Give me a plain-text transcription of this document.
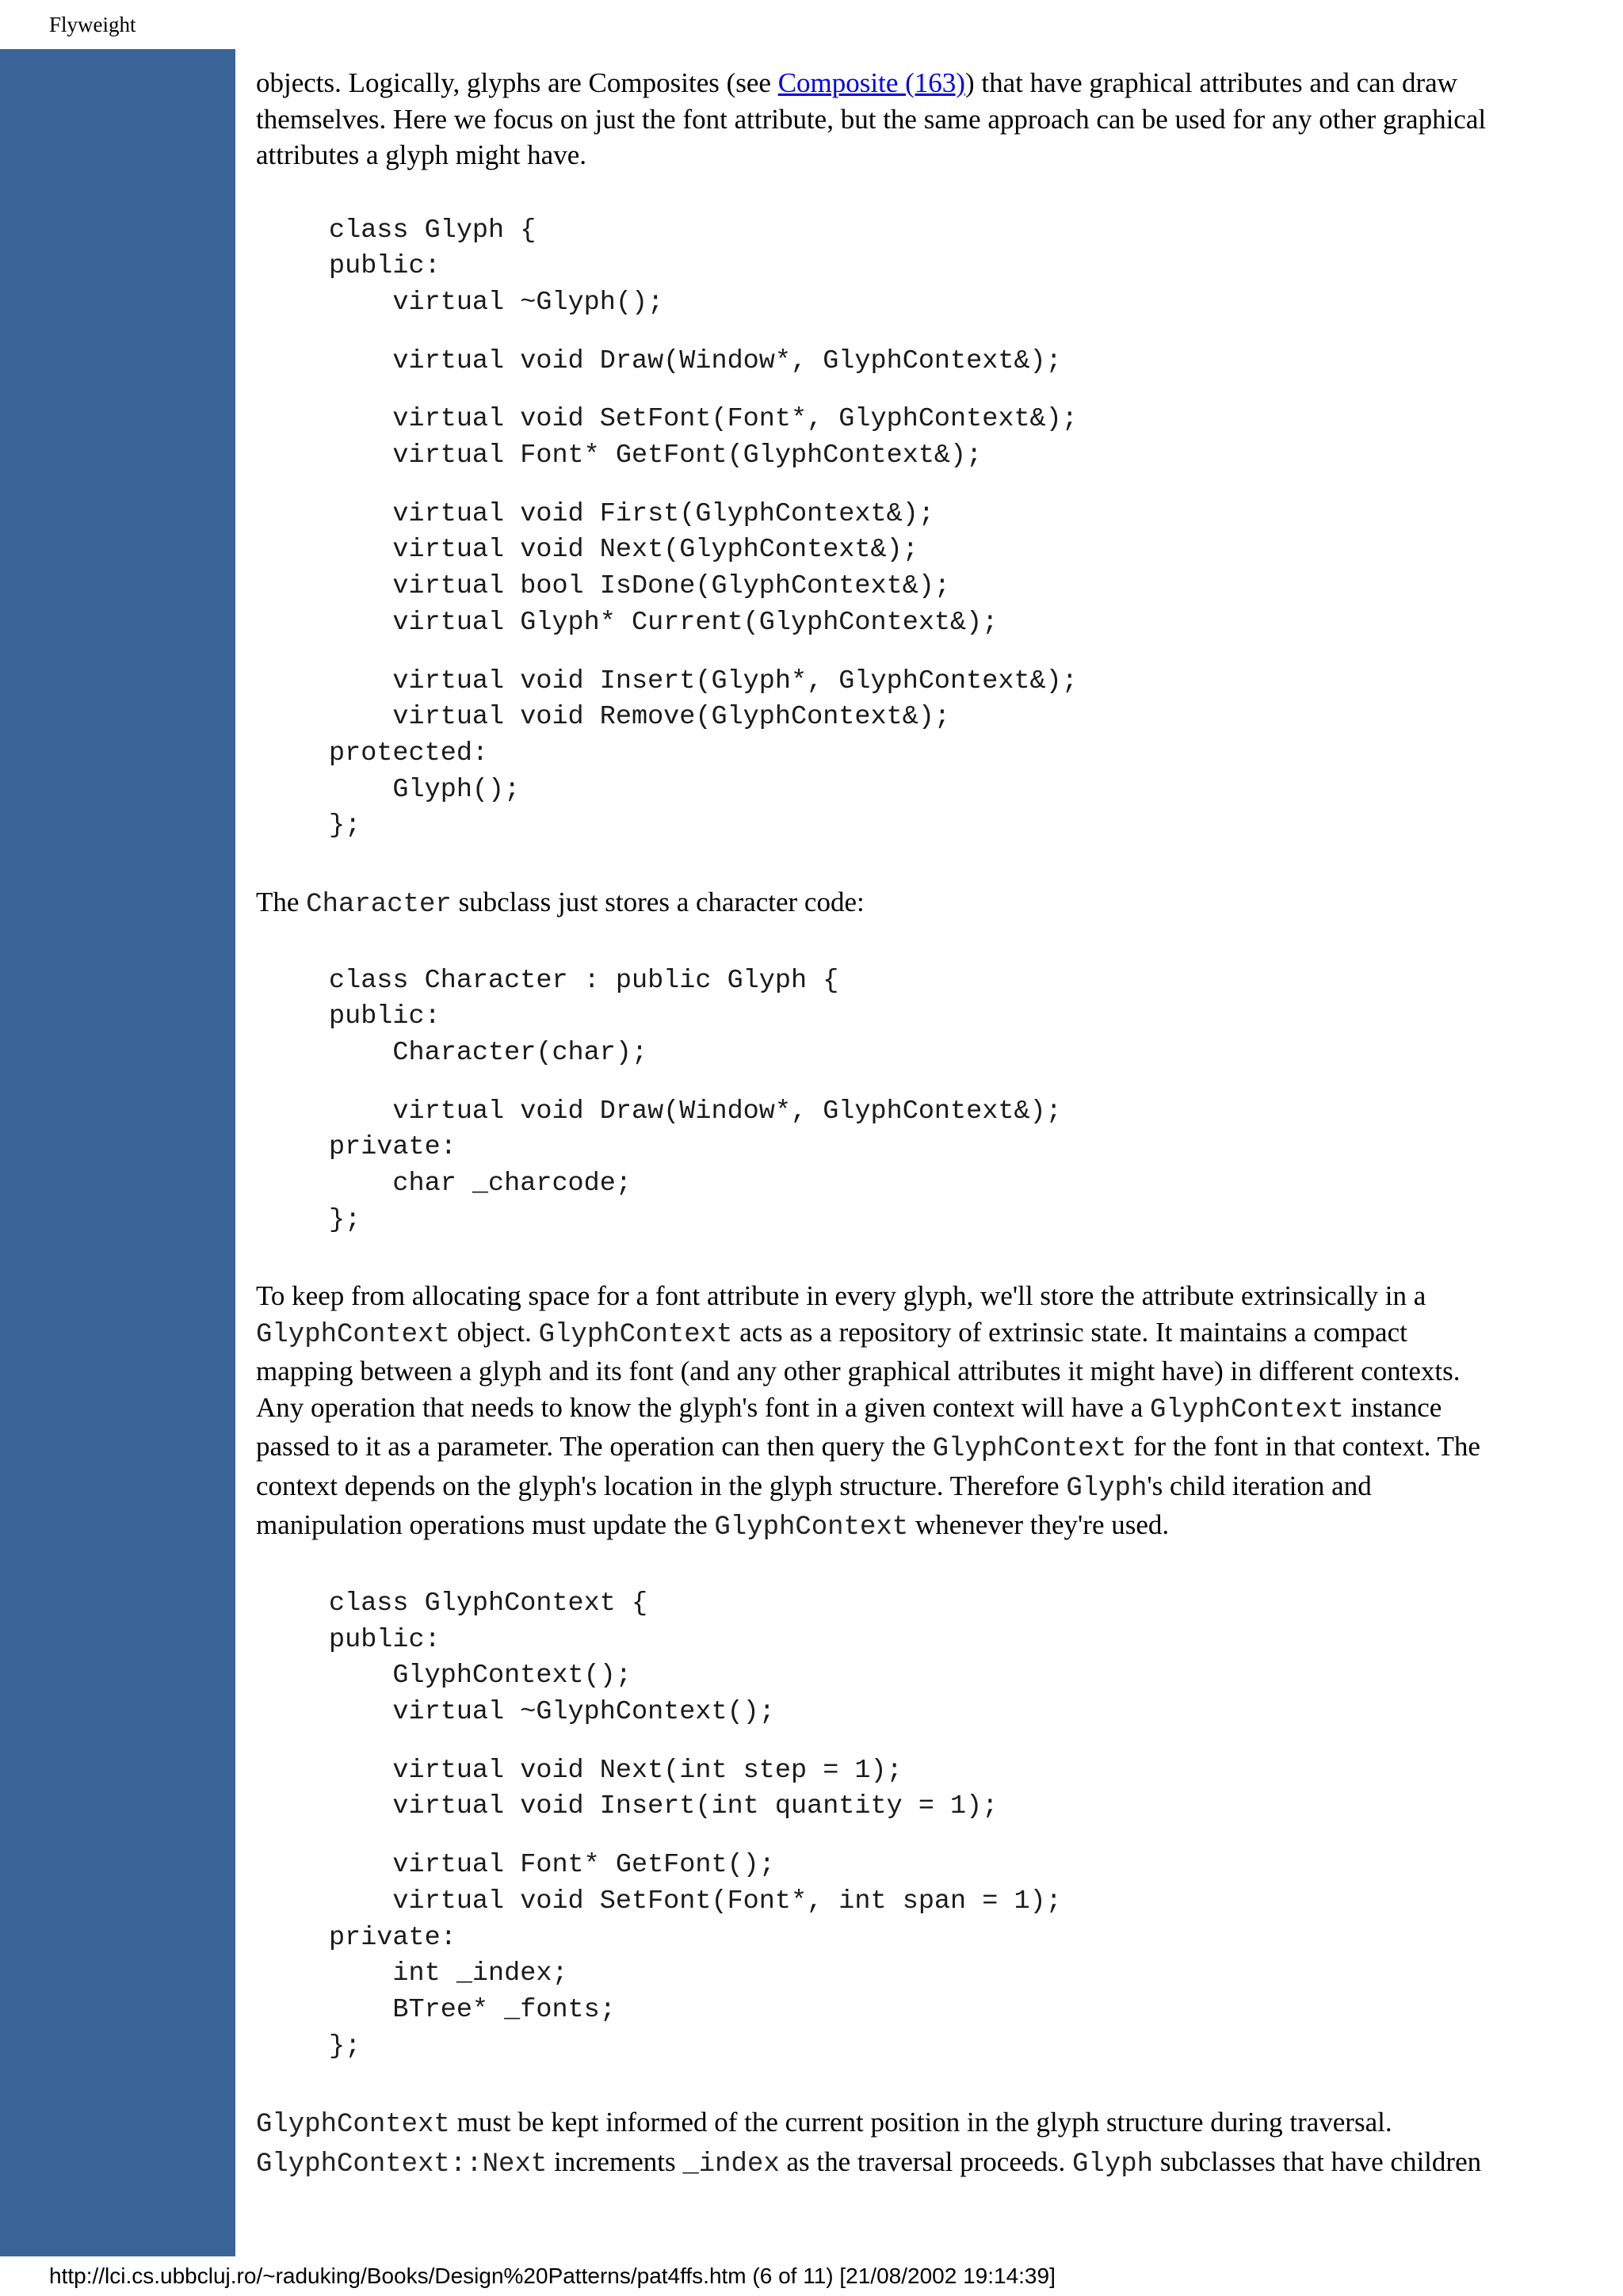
Flyweight

objects. Logically, glyphs are Composites (see Composite (163)) that have graphical attributes and can draw
themselves. Here we focus on just the font attribute, but the same approach can be used for any other graphical
attributes a glyph might have.

class Glyph {
public:
virtual ~Glyph();

virtual void Draw(Window*, GlyphContext&);

virtual void SetFont(Font*, GlyphContext&);
virtual Font* GetFont(GlyphContext&);

virtual void First(GlyphContext&);
virtual void Next(GlyphContext&);
virtual bool IsDone(GlyphContext&);
virtual Glyph* Current(GlyphContext&);

virtual void Insert(Glyph*, GlyphContext&);
virtual void Remove(GlyphContext&);
protected:
Glyph();
};

The Character subclass just stores a character code:

class Character : public Glyph {
public:
Character(char);

virtual void Draw(Window*, GlyphContext&);
private:
char _charcode;
};

To keep from allocating space for a font attribute in every glyph, we'll store the attribute extrinsically in a
GlyphContext object. GlyphContext acts as a repository of extrinsic state. It maintains a compact
mapping between a glyph and its font (and any other graphical attributes it might have) in different contexts.
Any operation that needs to know the glyph's font in a given context will have a GlyphContext instance
passed to it as a parameter. The operation can then query the GlyphContext for the font in that context. The
context depends on the glyph's location in the glyph structure. Therefore Glyph's child iteration and
manipulation operations must update the GlyphContext whenever they're used.

class GlyphContext {
public:
GlyphContext();
virtual ~GlyphContext();

virtual void Next(int step = 1);
virtual void Insert(int quantity = 1);

virtual Font* GetFont();
virtual void SetFont(Font*, int span = 1);
private:
int _index;
BTree* _fonts;
};

GlyphContext must be kept informed of the current position in the glyph structure during traversal.
GlyphContext::Next increments _index as the traversal proceeds. Glyph subclasses that have children

http://lci.cs.ubbcluj.ro/~raduking/Books/Design%20Patterns/pat4ffs.htm (6 of 11) [21/08/2002 19:14:39]
